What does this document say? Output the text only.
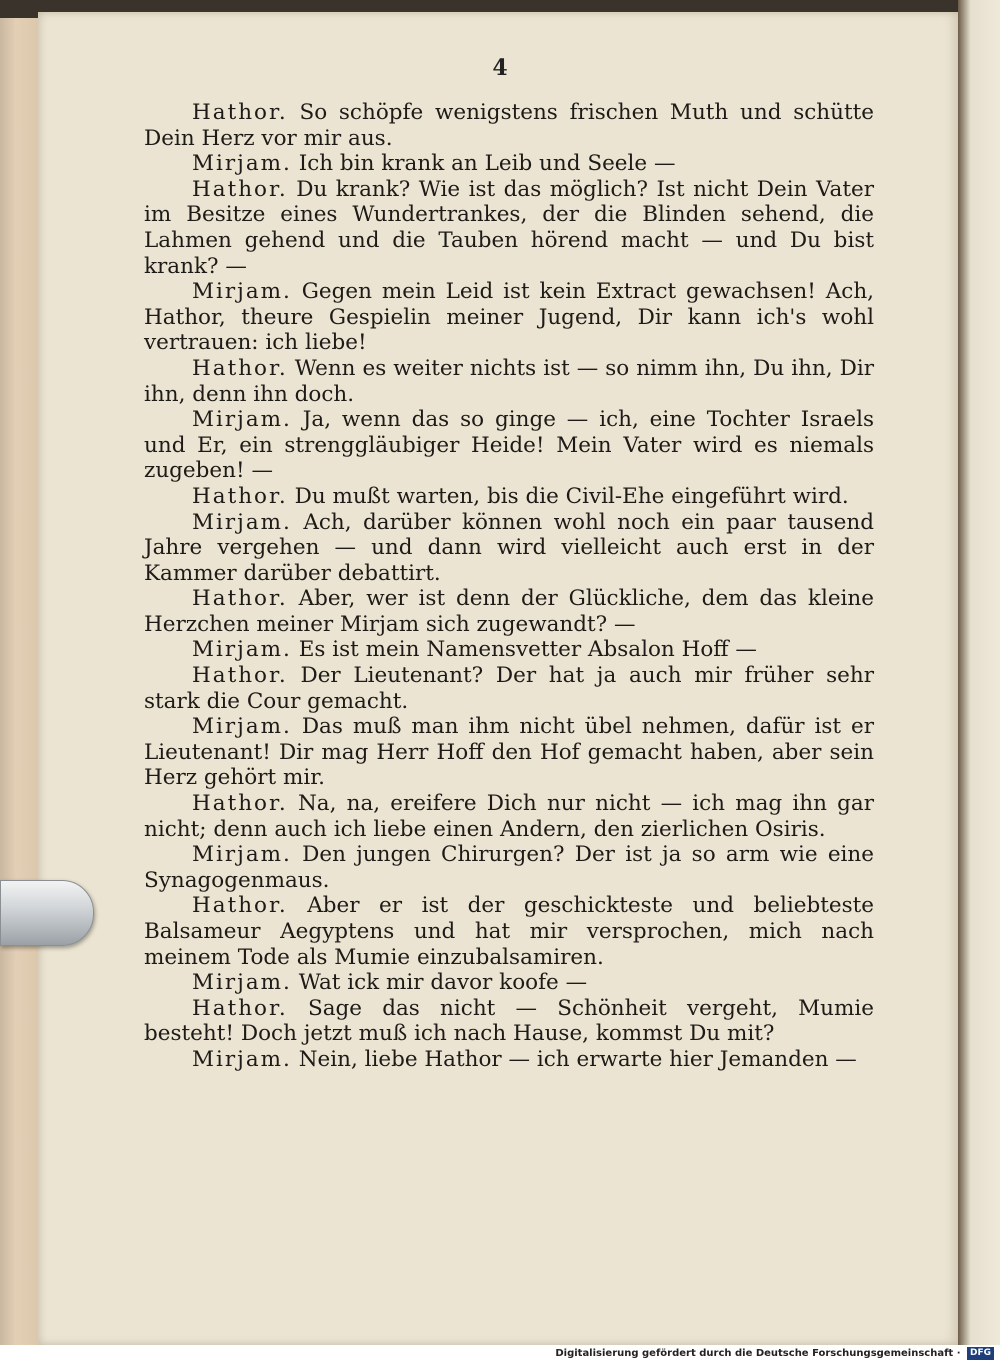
4

Hathor. So schöpfe wenigstens frischen Muth und schütte Dein Herz vor mir aus.

Mirjam. Ich bin krank an Leib und Seele —

Hathor. Du krank? Wie ist das möglich? Ist nicht Dein Vater im Besitze eines Wundertrankes, der die Blinden sehend, die Lahmen gehend und die Tauben hörend macht — und Du bist krank? —

Mirjam. Gegen mein Leid ist kein Extract gewachsen! Ach, Hathor, theure Gespielin meiner Jugend, Dir kann ich's wohl vertrauen: ich liebe!

Hathor. Wenn es weiter nichts ist — so nimm ihn, Du ihn, Dir ihn, denn ihn doch.

Mirjam. Ja, wenn das so ginge — ich, eine Tochter Israels und Er, ein strenggläubiger Heide! Mein Vater wird es niemals zugeben! —

Hathor. Du mußt warten, bis die Civil-Ehe eingeführt wird.

Mirjam. Ach, darüber können wohl noch ein paar tausend Jahre vergehen — und dann wird vielleicht auch erst in der Kammer darüber debattirt.

Hathor. Aber, wer ist denn der Glückliche, dem das kleine Herzchen meiner Mirjam sich zugewandt? —

Mirjam. Es ist mein Namensvetter Absalon Hoff —

Hathor. Der Lieutenant? Der hat ja auch mir früher sehr stark die Cour gemacht.

Mirjam. Das muß man ihm nicht übel nehmen, dafür ist er Lieutenant! Dir mag Herr Hoff den Hof gemacht haben, aber sein Herz gehört mir.

Hathor. Na, na, ereifere Dich nur nicht — ich mag ihn gar nicht; denn auch ich liebe einen Andern, den zierlichen Osiris.

Mirjam. Den jungen Chirurgen? Der ist ja so arm wie eine Synagogenmaus.

Hathor. Aber er ist der geschickteste und beliebteste Balsameur Aegyptens und hat mir versprochen, mich nach meinem Tode als Mumie einzubalsamiren.

Mirjam. Wat ick mir davor koofe —

Hathor. Sage das nicht — Schönheit vergeht, Mumie besteht! Doch jetzt muß ich nach Hause, kommst Du mit?

Mirjam. Nein, liebe Hathor — ich erwarte hier Jemanden —

Digitalisierung gefördert durch die Deutsche Forschungsgemeinschaft · DFG
